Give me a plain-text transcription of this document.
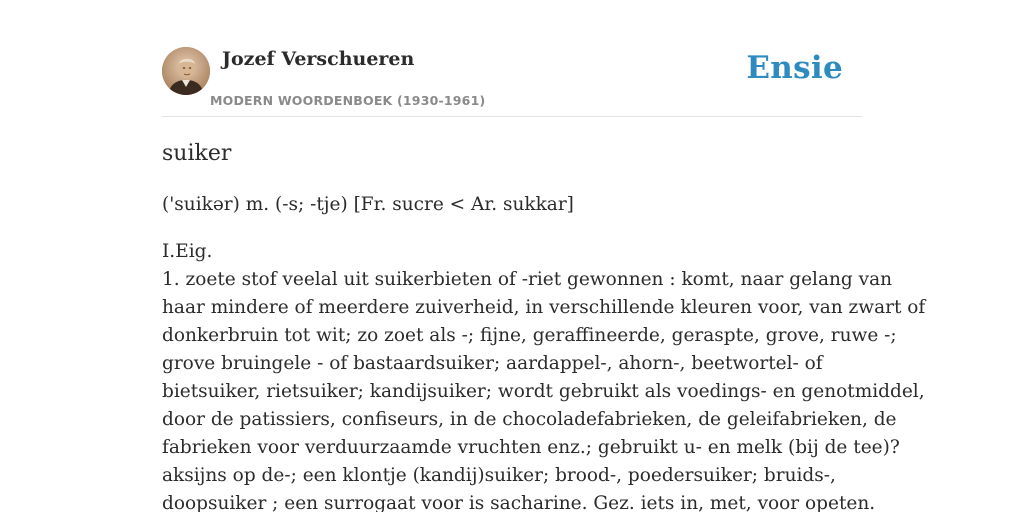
Jozef Verschueren
MODERN WOORDENBOEK (1930-1961)
Ensie
suiker

('suikər) m. (-s; -tje) [Fr. sucre < Ar. sukkar]

I.Eig.
1. zoete stof veelal uit suikerbieten of -riet gewonnen : komt, naar gelang van
haar mindere of meerdere zuiverheid, in verschillende kleuren voor, van zwart of
donkerbruin tot wit; zo zoet als -; fijne, geraffineerde, geraspte, grove, ruwe -;
grove bruingele - of bastaardsuiker; aardappel-, ahorn-, beetwortel- of
bietsuiker, rietsuiker; kandijsuiker; wordt gebruikt als voedings- en genotmiddel,
door de patissiers, confiseurs, in de chocoladefabrieken, de geleifabrieken, de
fabrieken voor verduurzaamde vruchten enz.; gebruikt u- en melk (bij de tee)?
aksijns op de-; een klontje (kandij)suiker; brood-, poedersuiker; bruids-,
doopsuiker ; een surrogaat voor is sacharine. Gez. iets in, met, voor opeten.
